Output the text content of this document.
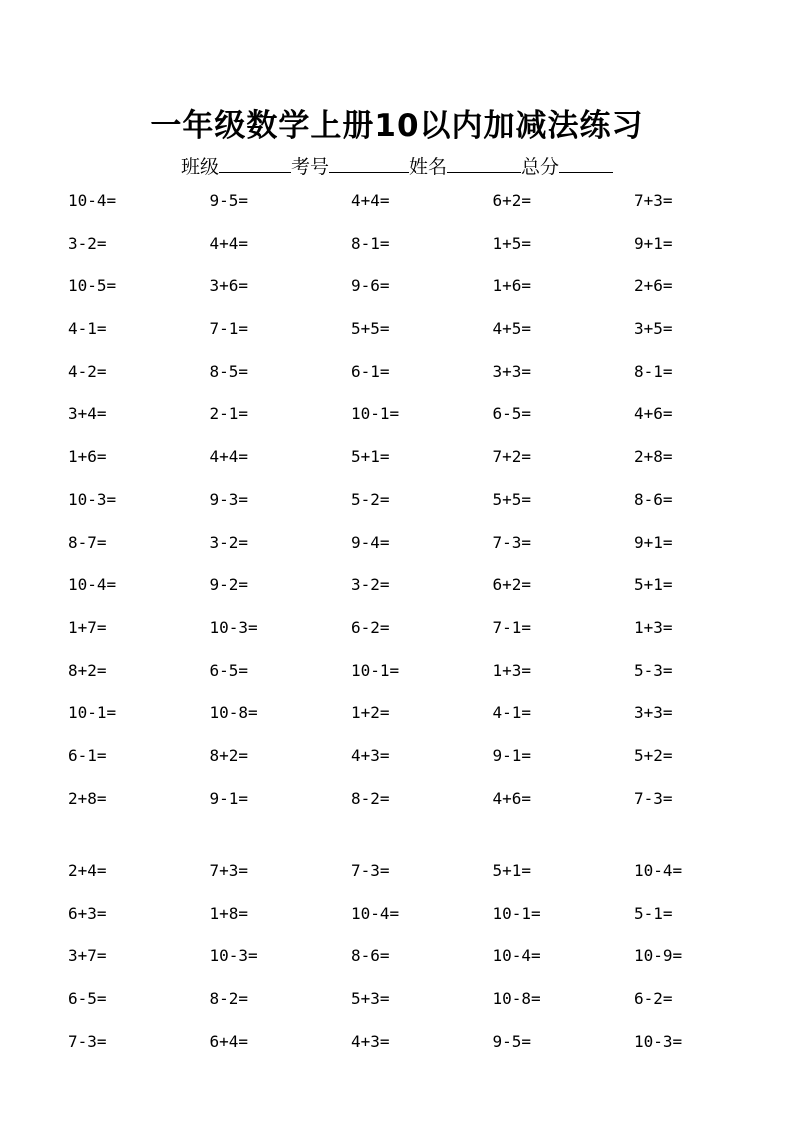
一年级数学上册10以内加减法练习
班级	考号	姓名	总分
10-4=	9-5=	4+4=	6+2=	7+3=
3-2=	4+4=	8-1=	1+5=	9+1=
10-5=	3+6=	9-6=	1+6=	2+6=
4-1=	7-1=	5+5=	4+5=	3+5=
4-2=	8-5=	6-1=	3+3=	8-1=
3+4=	2-1=	10-1=	6-5=	4+6=
1+6=	4+4=	5+1=	7+2=	2+8=
10-3=	9-3=	5-2=	5+5=	8-6=
8-7=	3-2=	9-4=	7-3=	9+1=
10-4=	9-2=	3-2=	6+2=	5+1=
1+7=	10-3=	6-2=	7-1=	1+3=
8+2=	6-5=	10-1=	1+3=	5-3=
10-1=	10-8=	1+2=	4-1=	3+3=
6-1=	8+2=	4+3=	9-1=	5+2=
2+8=	9-1=	8-2=	4+6=	7-3=
2+4=	7+3=	7-3=	5+1=	10-4=
6+3=	1+8=	10-4=	10-1=	5-1=
3+7=	10-3=	8-6=	10-4=	10-9=
6-5=	8-2=	5+3=	10-8=	6-2=
7-3=	6+4=	4+3=	9-5=	10-3=
